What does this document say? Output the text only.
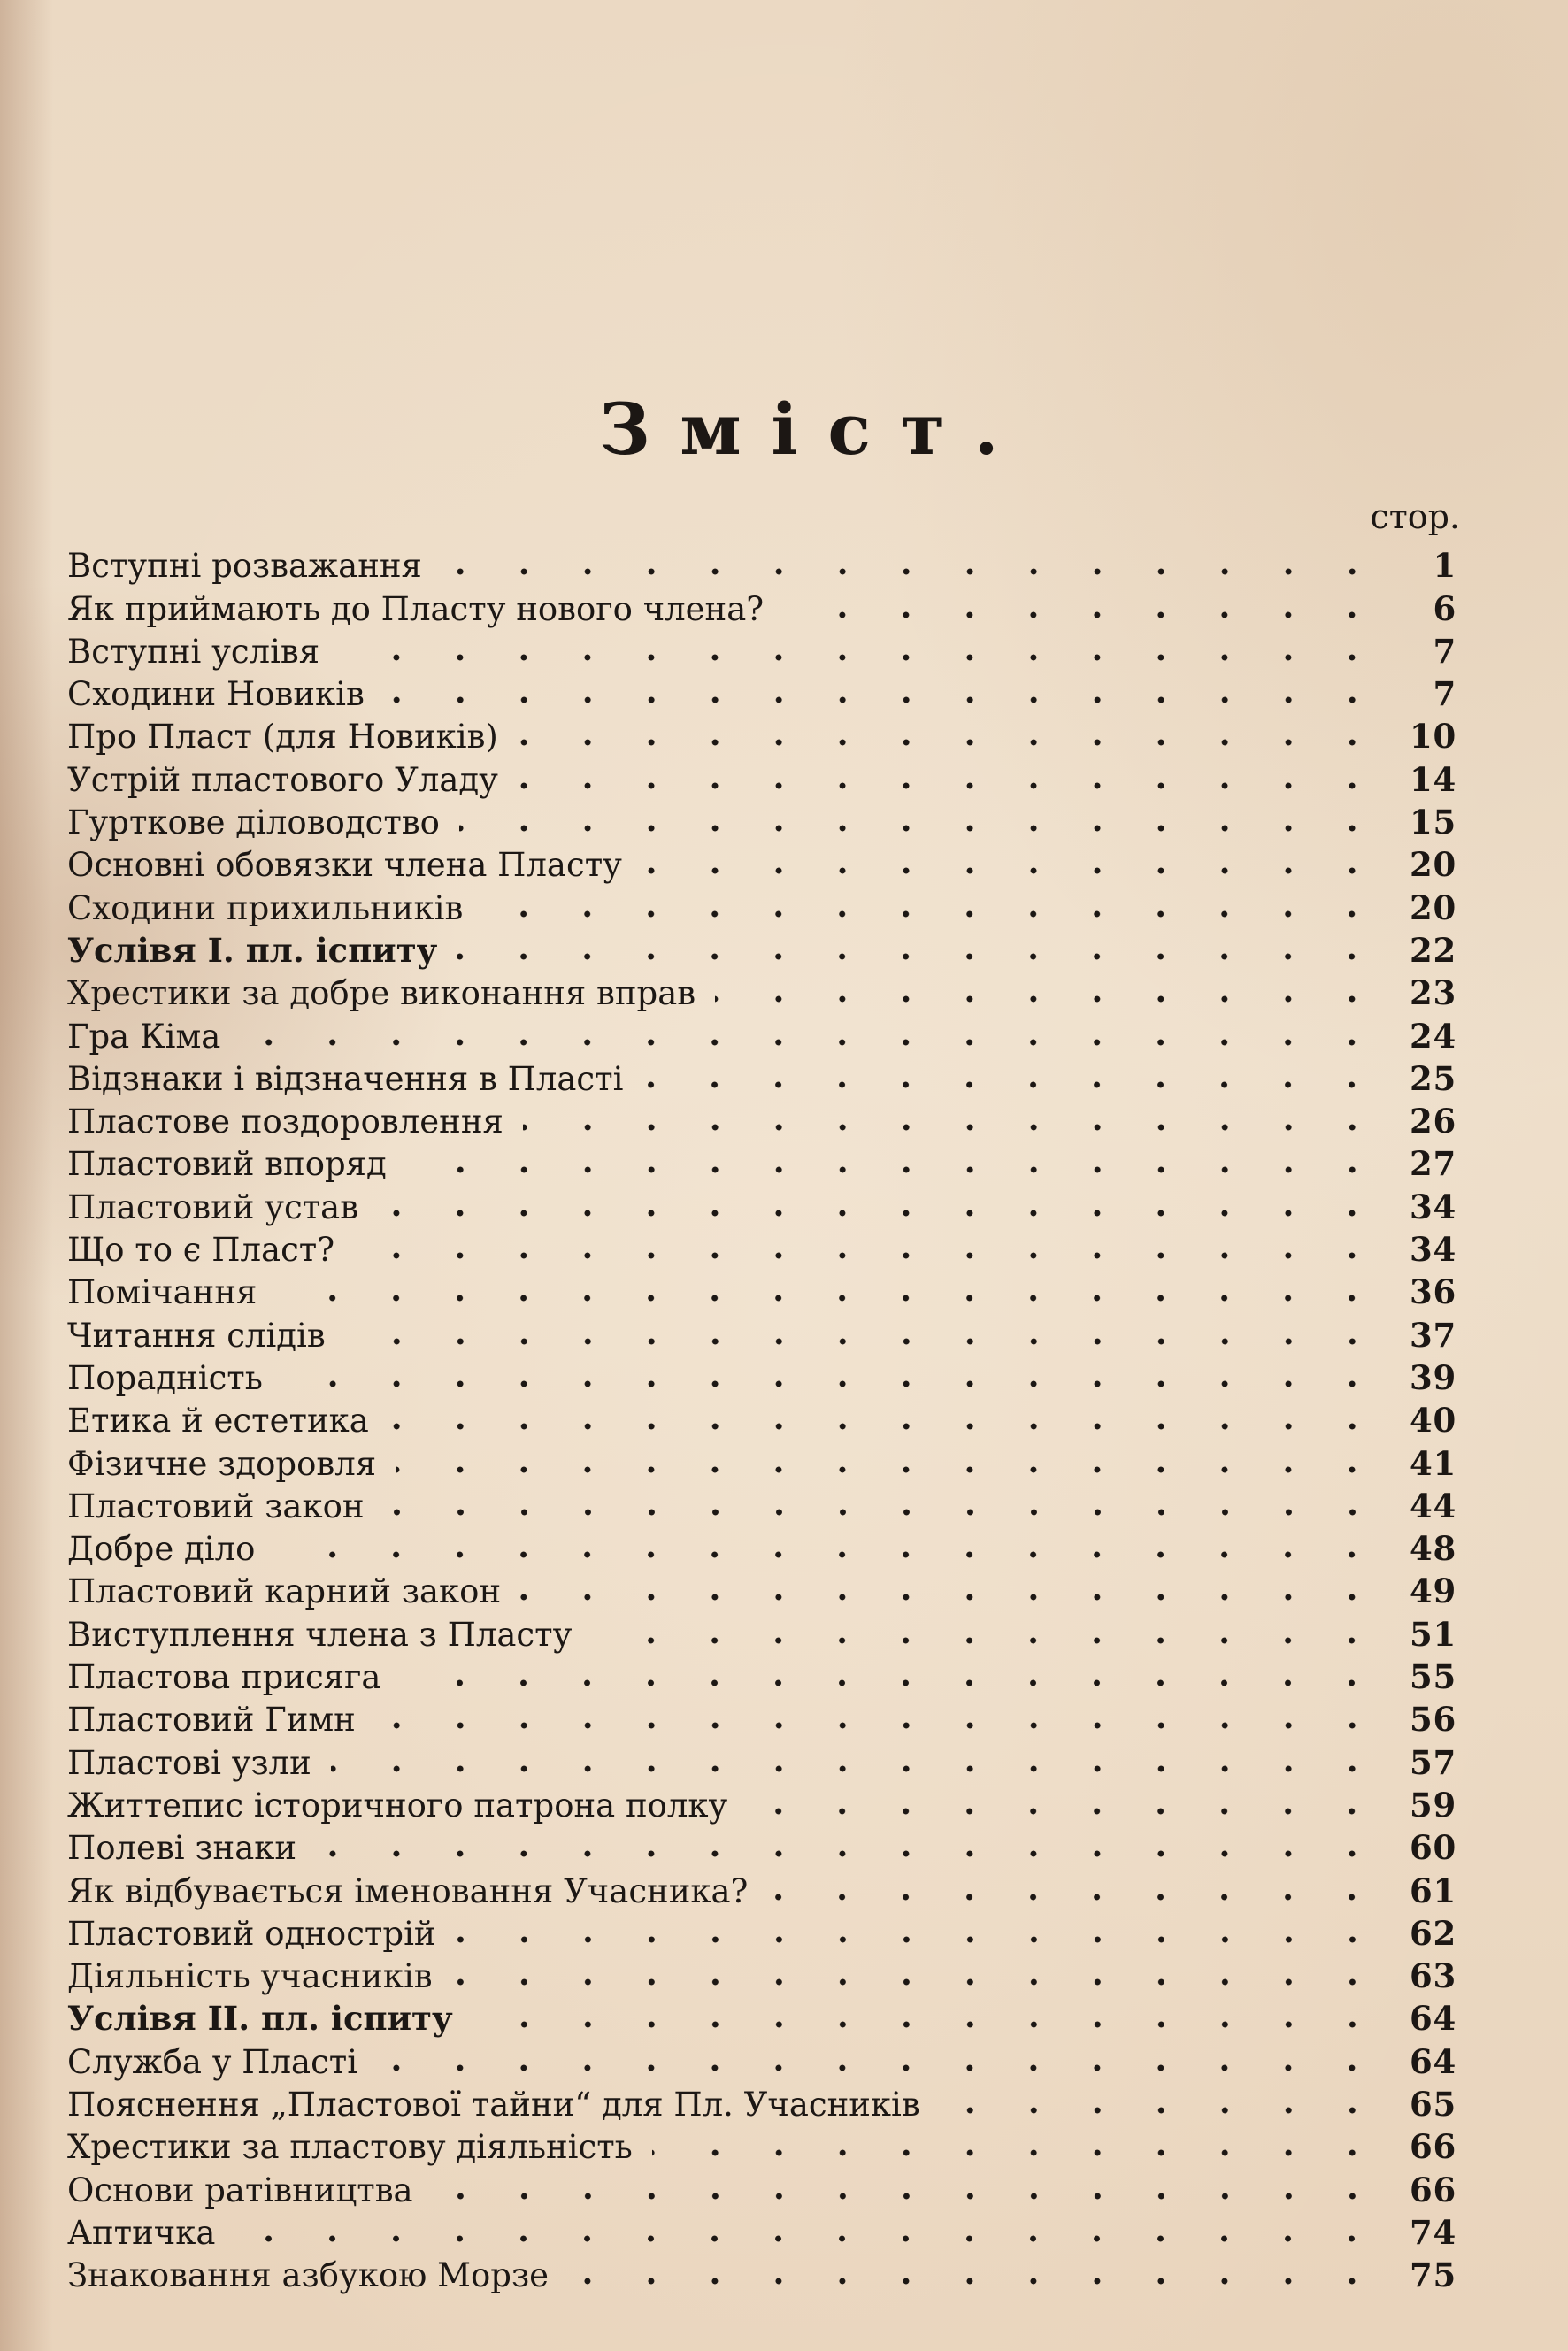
Зміст.
стор.
Вступні розважання	1
Як приймають до Пласту нового члена?	6
Вступні услівя	7
Сходини Новиків	7
Про Пласт (для Новиків)	10
Устрій пластового Уладу	14
Гурткове діловодство	15
Основні обовязки члена Пласту	20
Сходини прихильників	20
Услівя І. пл. іспиту	22
Хрестики за добре виконання вправ	23
Гра Кіма	24
Відзнаки і відзначення в Пласті	25
Пластове поздоровлення	26
Пластовий впоряд	27
Пластовий устав	34
Що то є Пласт?	34
Помічання	36
Читання слідів	37
Порадність	39
Етика й естетика	40
Фізичне здоровля	41
Пластовий закон	44
Добре діло	48
Пластовий карний закон	49
Виступлення члена з Пласту	51
Пластова присяга	55
Пластовий Гимн	56
Пластові узли	57
Життепис історичного патрона полку	59
Полеві знаки	60
Як відбувається іменовання Учасника?	61
Пластовий однострій	62
Діяльність учасників	63
Услівя ІІ. пл. іспиту	64
Служба у Пласті	64
Пояснення „Пластової тайни“ для Пл. Учасників	65
Хрестики за пластову діяльність	66
Основи ратівництва	66
Аптичка	74
Знаковання азбукою Морзе	75
